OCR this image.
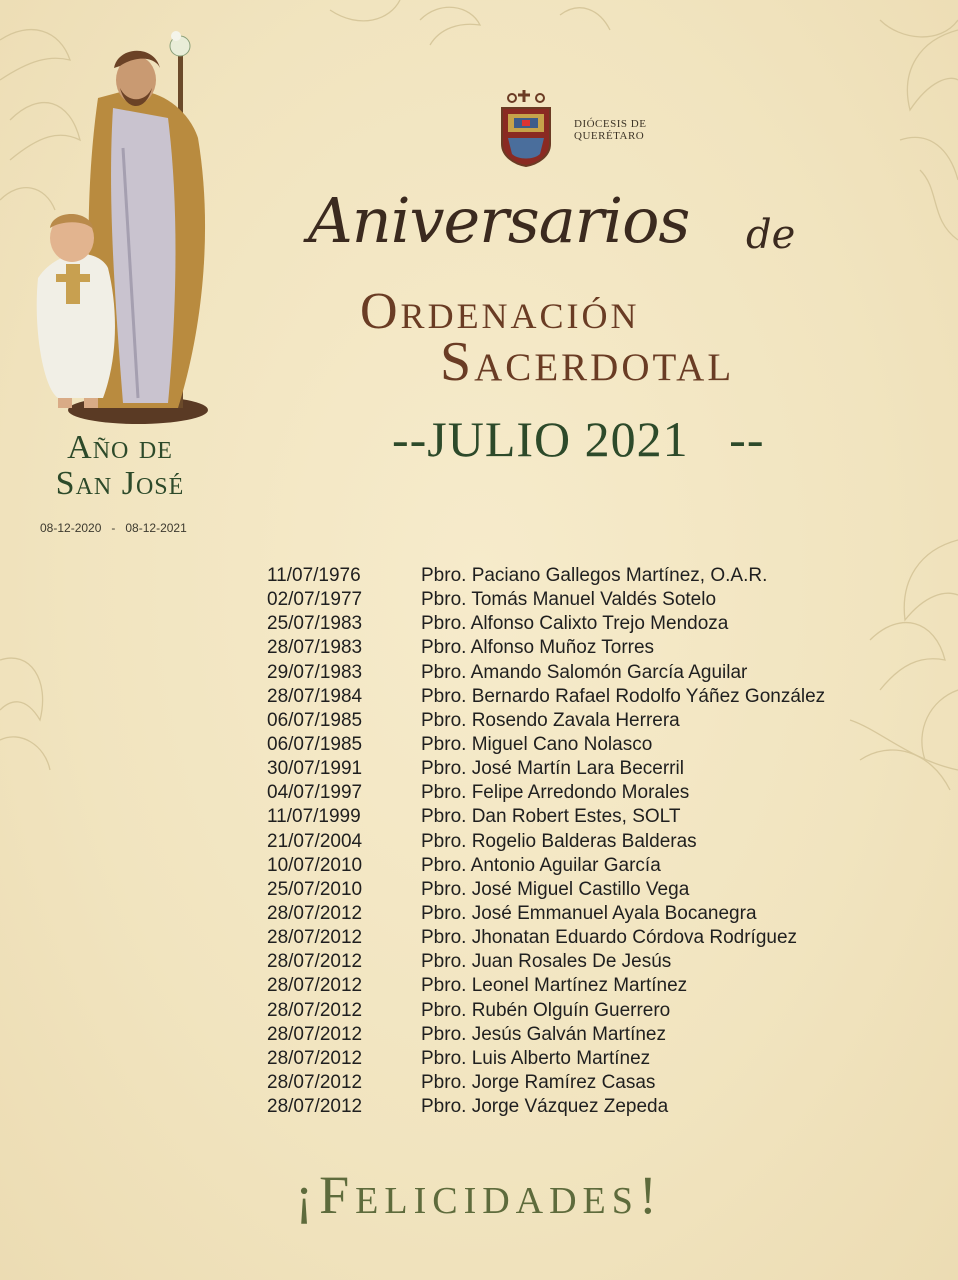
Año de
San José
08-12-2020   -   08-12-2021
DIÓCESIS DE
QUERÉTARO
Aniversarios de
Ordenación
Sacerdotal
--JULIO 2021   --
11/07/1976	Pbro. Paciano Gallegos Martínez, O.A.R.
02/07/1977	Pbro. Tomás Manuel Valdés Sotelo
25/07/1983	Pbro. Alfonso Calixto Trejo Mendoza
28/07/1983	Pbro. Alfonso Muñoz Torres
29/07/1983	Pbro. Amando Salomón García Aguilar
28/07/1984	Pbro. Bernardo Rafael Rodolfo Yáñez González
06/07/1985	Pbro. Rosendo Zavala Herrera
06/07/1985	Pbro. Miguel Cano Nolasco
30/07/1991	Pbro. José Martín Lara Becerril
04/07/1997	Pbro. Felipe Arredondo Morales
11/07/1999	Pbro. Dan Robert Estes, SOLT
21/07/2004	Pbro. Rogelio Balderas Balderas
10/07/2010	Pbro. Antonio Aguilar García
25/07/2010	Pbro. José Miguel Castillo Vega
28/07/2012	Pbro. José Emmanuel Ayala Bocanegra
28/07/2012	Pbro. Jhonatan Eduardo Córdova Rodríguez
28/07/2012	Pbro. Juan Rosales De Jesús
28/07/2012	Pbro. Leonel Martínez Martínez
28/07/2012	Pbro. Rubén Olguín Guerrero
28/07/2012	Pbro. Jesús Galván Martínez
28/07/2012	Pbro. Luis Alberto Martínez
28/07/2012	Pbro. Jorge Ramírez Casas
28/07/2012	Pbro. Jorge Vázquez Zepeda
¡Felicidades!
